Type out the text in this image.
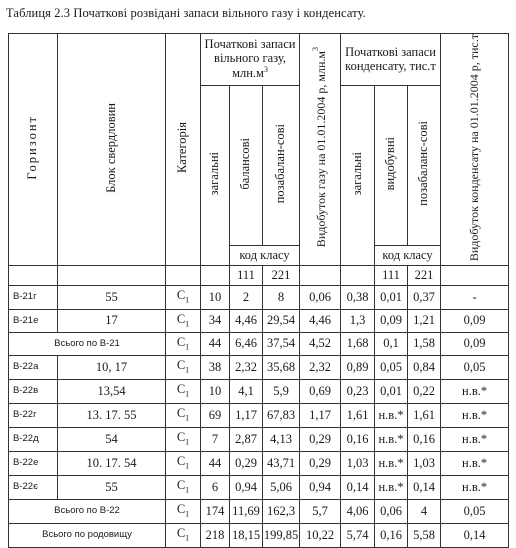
Таблиця 2.3 Початкові розвідані запаси вільного газу і конденсату.
Горизонт	Блок свердловин	Категорія	Початкові запаси вільного газу, $млн.м^3$			Видобуток газу на 01.01.2004 р, $млн.м^3$	Початкові запаси конденсату, тис.т			Видобуток конденсату на 01.01.2004 р, тис.т
			загальні	балансові	позабалан-сові		загальні	видобувні	позабаланс-сові	
				код класу				код класу		
				111	221			111	221	
В-21г	55	$C_1$	10	2	8	0,06	0,38	0,01	0,37	-
В-21е	17	$C_1$	34	4,46	29,54	4,46	1,3	0,09	1,21	0,09
Всього по В-21		$C_1$	44	6,46	37,54	4,52	1,68	0,1	1,58	0,09
В-22а	10, 17	$C_1$	38	2,32	35,68	2,32	0,89	0,05	0,84	0,05
В-22в	13,54	$C_1$	10	4,1	5,9	0,69	0,23	0,01	0,22	н.в.*
В-22г	13. 17. 55	$C_1$	69	1,17	67,83	1,17	1,61	н.в.*	1,61	н.в.*
В-22д	54	$C_1$	7	2,87	4,13	0,29	0,16	н.в.*	0,16	н.в.*
В-22е	10. 17. 54	$C_1$	44	0,29	43,71	0,29	1,03	н.в.*	1,03	н.в.*
В-22є	55	$C_1$	6	0,94	5,06	0,94	0,14	н.в.*	0,14	н.в.*
Всього по В-22		$C_1$	174	11,69	162,3	5,7	4,06	0,06	4	0,05
Всього по родовищу		$C_1$	218	18,15	199,85	10,22	5,74	0,16	5,58	0,14
